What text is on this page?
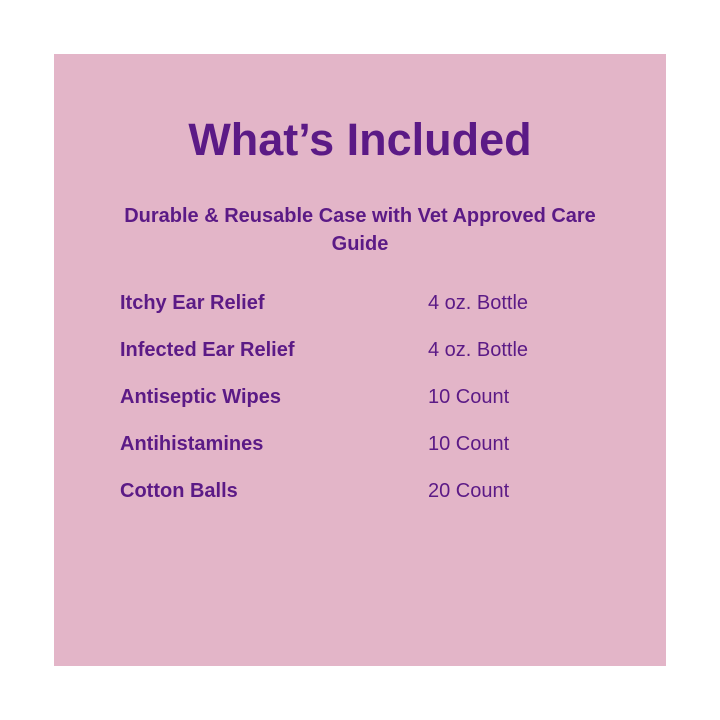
What’s Included
Durable & Reusable Case with Vet Approved Care Guide
Itchy Ear Relief	4 oz. Bottle
Infected Ear Relief	4 oz. Bottle
Antiseptic Wipes	10 Count
Antihistamines	10 Count
Cotton Balls	20 Count
